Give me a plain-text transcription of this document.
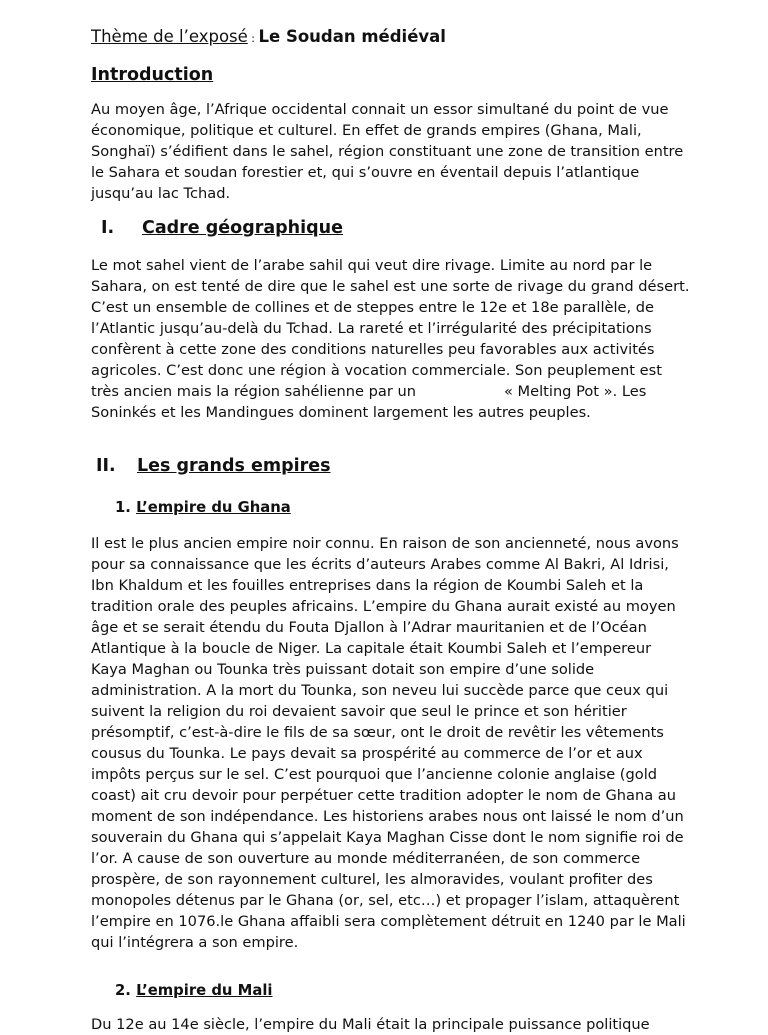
Thème de l’exposé : Le Soudan médiéval
Introduction
Au moyen âge, l’Afrique occidental connait un essor simultané du point de vue économique, politique et culturel. En effet de grands empires (Ghana, Mali, Songhaï) s’édifient dans le sahel, région constituant une zone de transition entre le Sahara et soudan forestier et, qui s’ouvre en éventail depuis l’atlantique jusqu’au lac Tchad.
I. Cadre géographique
Le mot sahel vient de l’arabe sahil qui veut dire rivage. Limite au nord par le Sahara, on est tenté de dire que le sahel est une sorte de rivage du grand désert. C’est un ensemble de collines et de steppes entre le 12e et 18e parallèle, de l’Atlantic jusqu’au-delà du Tchad. La rareté et l’irrégularité des précipitations confèrent à cette zone des conditions naturelles peu favorables aux activités agricoles. C’est donc une région à vocation commerciale. Son peuplement est très ancien mais la région sahélienne par un	« Melting Pot ». Les Soninkés et les Mandingues dominent largement les autres peuples.
II. Les grands empires
1. L’empire du Ghana
Il est le plus ancien empire noir connu. En raison de son ancienneté, nous avons pour sa connaissance que les écrits d’auteurs Arabes comme Al Bakri, Al Idrisi, Ibn Khaldum et les fouilles entreprises dans la région de Koumbi Saleh et la tradition orale des peuples africains. L’empire du Ghana aurait existé au moyen âge et se serait étendu du Fouta Djallon à l’Adrar mauritanien et de l’Océan Atlantique à la boucle de Niger. La capitale était Koumbi Saleh et l’empereur Kaya Maghan ou Tounka très puissant dotait son empire d’une solide administration. A la mort du Tounka, son neveu lui succède parce que ceux qui suivent la religion du roi devaient savoir que seul le prince et son héritier présomptif, c’est-à-dire le fils de sa sœur, ont le droit de revêtir les vêtements cousus du Tounka. Le pays devait sa prospérité au commerce de l’or et aux impôts perçus sur le sel. C’est pourquoi que l’ancienne colonie anglaise (gold coast) ait cru devoir pour perpétuer cette tradition adopter le nom de Ghana au moment de son indépendance. Les historiens arabes nous ont laissé le nom d’un souverain du Ghana qui s’appelait Kaya Maghan Cisse dont le nom signifie roi de l’or. A cause de son ouverture au monde méditerranéen, de son commerce prospère, de son rayonnement culturel, les almoravides, voulant profiter des monopoles détenus par le Ghana (or, sel, etc…) et propager l’islam, attaquèrent l’empire en 1076.le Ghana affaibli sera complètement détruit en 1240 par le Mali qui l’intégrera a son empire.
2. L’empire du Mali
Du 12e au 14e siècle, l’empire du Mali était la principale puissance politique
